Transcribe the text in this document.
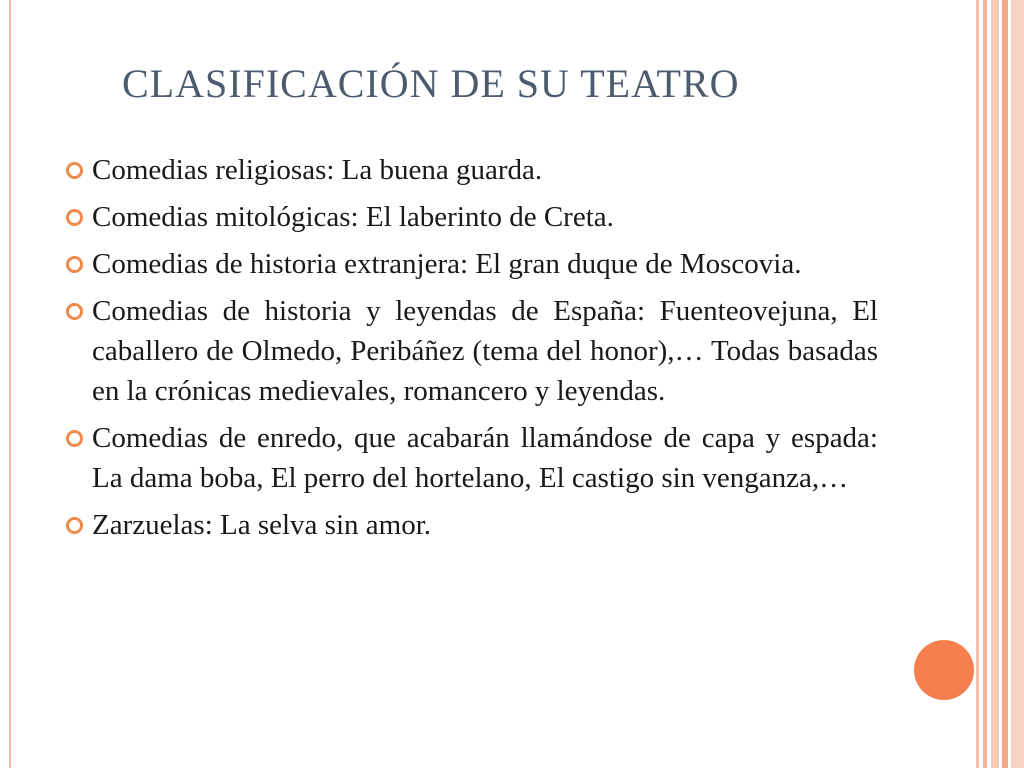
CLASIFICACIÓN DE SU TEATRO
Comedias religiosas: La buena guarda.
Comedias mitológicas: El laberinto de Creta.
Comedias de historia extranjera: El gran duque de Moscovia.
Comedias de historia y leyendas de España: Fuenteovejuna, El caballero de Olmedo, Peribáñez (tema del honor),… Todas basadas en la crónicas medievales, romancero y leyendas.
Comedias de enredo, que acabarán llamándose de capa y espada: La dama boba, El perro del hortelano, El castigo sin venganza,…
Zarzuelas: La selva sin amor.
